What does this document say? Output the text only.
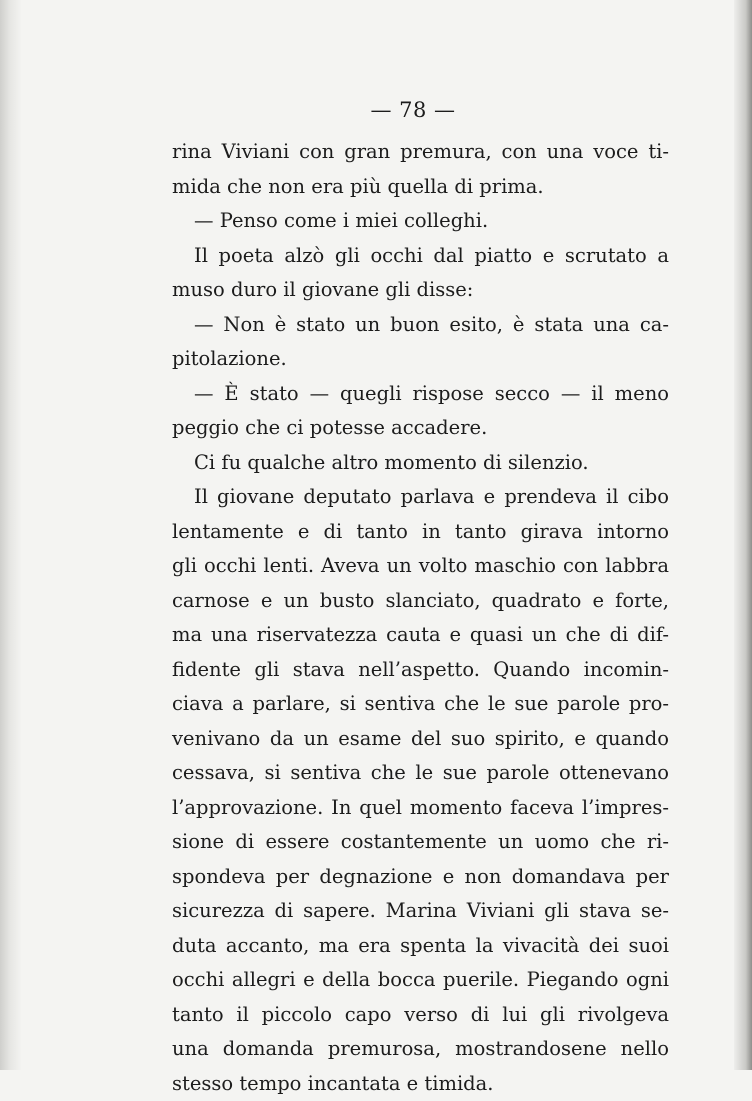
— 78 —
rina Viviani con gran premura, con una voce ti-
mida che non era più quella di prima.
— Penso come i miei colleghi.
Il poeta alzò gli occhi dal piatto e scrutato a
muso duro il giovane gli disse:
— Non è stato un buon esito, è stata una ca-
pitolazione.
— È stato — quegli rispose secco — il meno
peggio che ci potesse accadere.
Ci fu qualche altro momento di silenzio.
Il giovane deputato parlava e prendeva il cibo
lentamente e di tanto in tanto girava intorno
gli occhi lenti. Aveva un volto maschio con labbra
carnose e un busto slanciato, quadrato e forte,
ma una riservatezza cauta e quasi un che di dif-
fidente gli stava nell’aspetto. Quando incomin-
ciava a parlare, si sentiva che le sue parole pro-
venivano da un esame del suo spirito, e quando
cessava, si sentiva che le sue parole ottenevano
l’approvazione. In quel momento faceva l’impres-
sione di essere costantemente un uomo che ri-
spondeva per degnazione e non domandava per
sicurezza di sapere. Marina Viviani gli stava se-
duta accanto, ma era spenta la vivacità dei suoi
occhi allegri e della bocca puerile. Piegando ogni
tanto il piccolo capo verso di lui gli rivolgeva
una domanda premurosa, mostrandosene nello
stesso tempo incantata e timida.
